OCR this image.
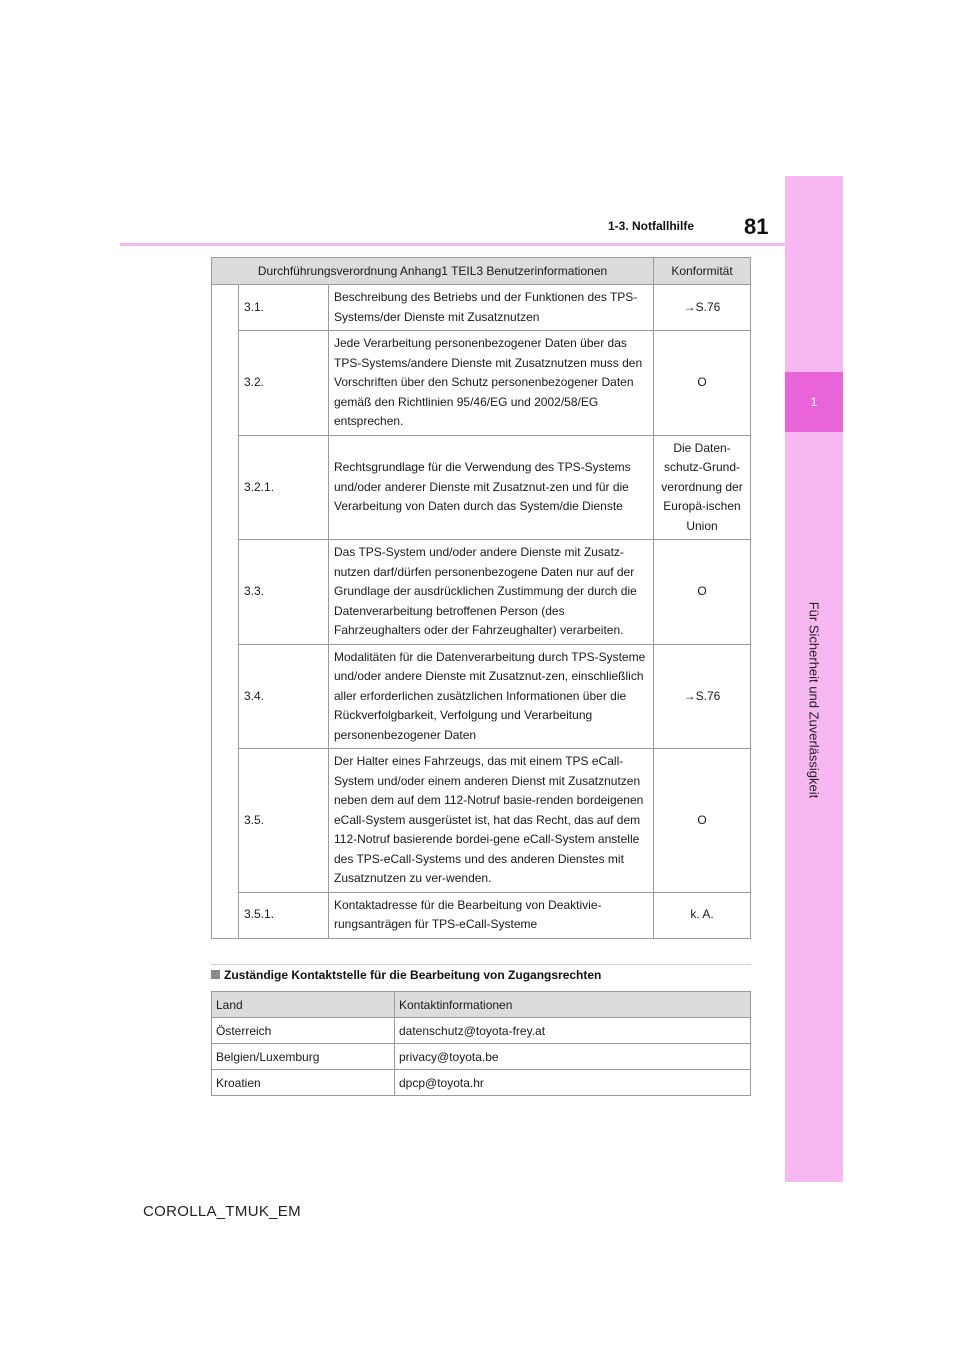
1
Für Sicherheit und Zuverlässigkeit
81
1-3. Notfallhilfe
Durchführungsverordnung Anhang1 TEIL3 Benutzerinformationen			Konformität
	3.1.	Beschreibung des Betriebs und der Funktionen des TPS-Systems/der Dienste mit Zusatznutzen	→S.76
	3.2.	Jede Verarbeitung personenbezogener Daten über das TPS-Systems/andere Dienste mit Zusatznutzen muss den Vorschriften über den Schutz personenbezogener Daten gemäß den Richtlinien 95/46/EG und 2002/58/EG entsprechen.	O
	3.2.1.	Rechtsgrundlage für die Verwendung des TPS-Systems und/oder anderer Dienste mit Zusatznut-zen und für die Verarbeitung von Daten durch das System/die Dienste	Die Daten-schutz-Grund-verordnung der Europä-ischen Union
	3.3.	Das TPS-System und/oder andere Dienste mit Zusatz-nutzen darf/dürfen personenbezogene Daten nur auf der Grundlage der ausdrücklichen Zustimmung der durch die Datenverarbeitung betroffenen Person (des Fahrzeughalters oder der Fahrzeughalter) verarbeiten.	O
	3.4.	Modalitäten für die Datenverarbeitung durch TPS-Systeme und/oder andere Dienste mit Zusatznut-zen, einschließlich aller erforderlichen zusätzlichen Informationen über die Rückverfolgbarkeit, Verfolgung und Verarbeitung personenbezogener Daten	→S.76
	3.5.	Der Halter eines Fahrzeugs, das mit einem TPS eCall-System und/oder einem anderen Dienst mit Zusatznutzen neben dem auf dem 112-Notruf basie-renden bordeigenen eCall-System ausgerüstet ist, hat das Recht, das auf dem 112-Notruf basierende bordei-gene eCall-System anstelle des TPS-eCall-Systems und des anderen Dienstes mit Zusatznutzen zu ver-wenden.	O
	3.5.1.	Kontaktadresse für die Bearbeitung von Deaktivie-rungsanträgen für TPS-eCall-Systeme	k. A.
Zuständige Kontaktstelle für die Bearbeitung von Zugangsrechten
Land	Kontaktinformationen
Österreich	datenschutz@toyota-frey.at
Belgien/Luxemburg	privacy@toyota.be
Kroatien	dpcp@toyota.hr
COROLLA_TMUK_EM
